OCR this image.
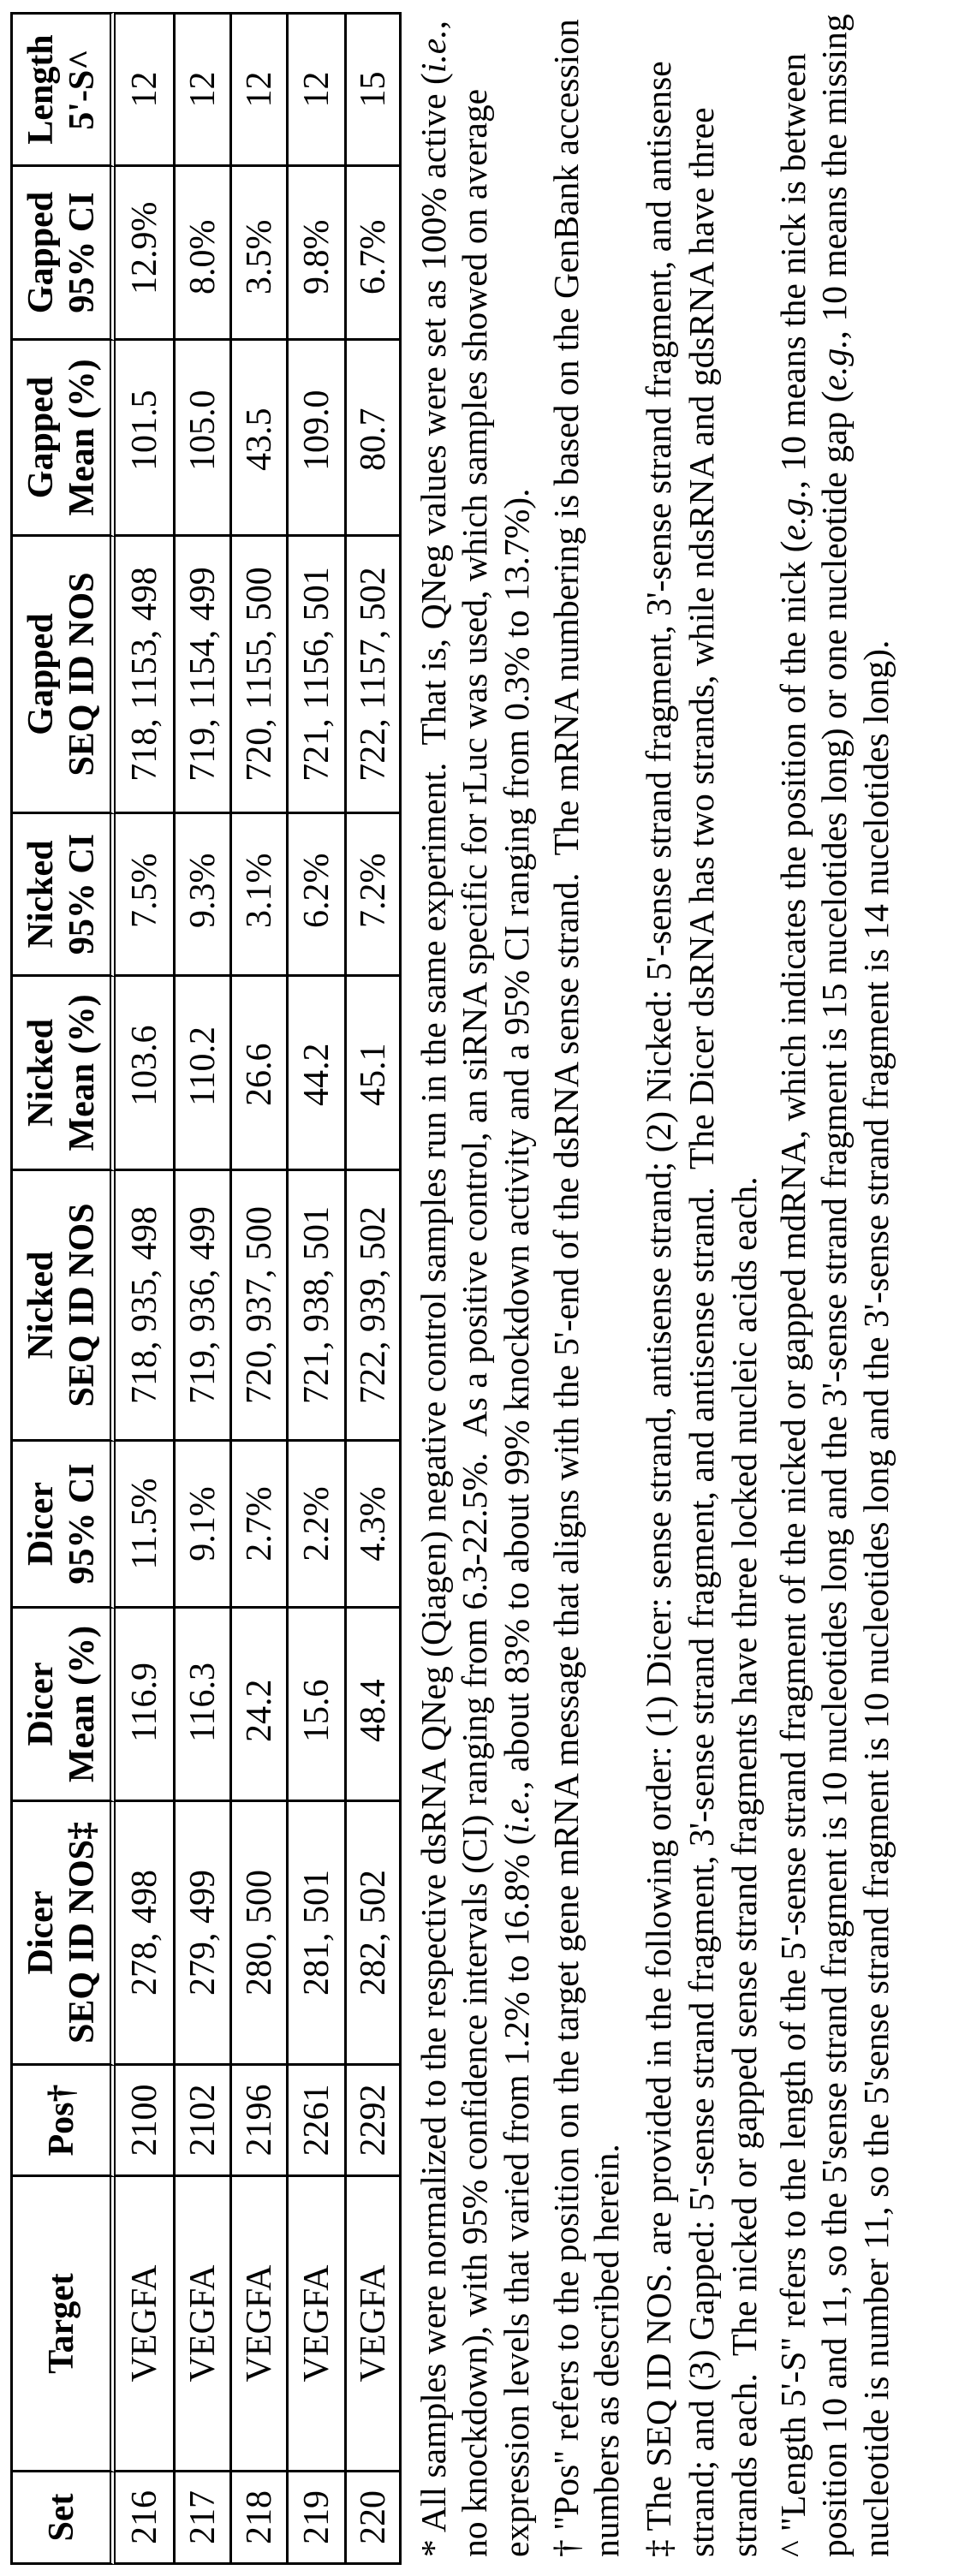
Set
Target
Pos†
Dicer SEQ ID NOS‡
Dicer Mean (%)
Dicer 95% CI
Nicked SEQ ID NOS
Nicked Mean (%)
Nicked 95% CI
Gapped SEQ ID NOS
Gapped Mean (%)
Gapped 95% CI
Length 5'-S^
216
VEGFA
2100
278, 498
116.9
11.5%
718, 935, 498
103.6
7.5%
718, 1153, 498
101.5
12.9%
12
217
VEGFA
2102
279, 499
116.3
9.1%
719, 936, 499
110.2
9.3%
719, 1154, 499
105.0
8.0%
12
218
VEGFA
2196
280, 500
24.2
2.7%
720, 937, 500
26.6
3.1%
720, 1155, 500
43.5
3.5%
12
219
VEGFA
2261
281, 501
15.6
2.2%
721, 938, 501
44.2
6.2%
721, 1156, 501
109.0
9.8%
12
220
VEGFA
2292
282, 502
48.4
4.3%
722, 939, 502
45.1
7.2%
722, 1157, 502
80.7
6.7%
15 * All samples were normalized to the respective dsRNA QNeg (Qiagen) negative control samples run in the same experiment.  That is, QNeg values were set as 100% active (i.e.,
no knockdown), with 95% confidence intervals (CI) ranging from 6.3-22.5%.  As a positive control, an siRNA specific for rLuc was used, which samples showed on average expression levels that varied from 1.2% to 16.8% (i.e., about 83% to about 99% knockdown activity and a 95% CI ranging from 0.3% to 13.7%). † "Pos" refers to the position on the target gene mRNA message that aligns with the 5'-end of the dsRNA sense strand.  The mRNA numbering is based on the GenBank accession numbers as described herein. ‡ The SEQ ID NOS. are provided in the following order: (1) Dicer: sense strand, antisense strand; (2) Nicked: 5'-sense strand fragment, 3'-sense strand fragment, and antisense strand; and (3) Gapped: 5'-sense strand fragment, 3'-sense strand fragment, and antisense strand.  The Dicer dsRNA has two strands, while ndsRNA and gdsRNA have three strands each.  The nicked or gapped sense strand fragments have three locked nucleic acids each. ^ "Length 5'-S" refers to the length of the 5'-sense strand fragment of the nicked or gapped mdRNA, which indicates the position of the nick (e.g., 10 means the nick is between
position 10 and 11, so the 5'sense strand fragment is 10 nucleotides long and the 3'-sense strand fragment is 15 nucelotides long) or one nucleotide gap (e.g., 10 means the missing
nucleotide is number 11, so the 5'sense strand fragment is 10 nucleotides long and the 3'-sense strand fragment is 14 nucelotides long).
